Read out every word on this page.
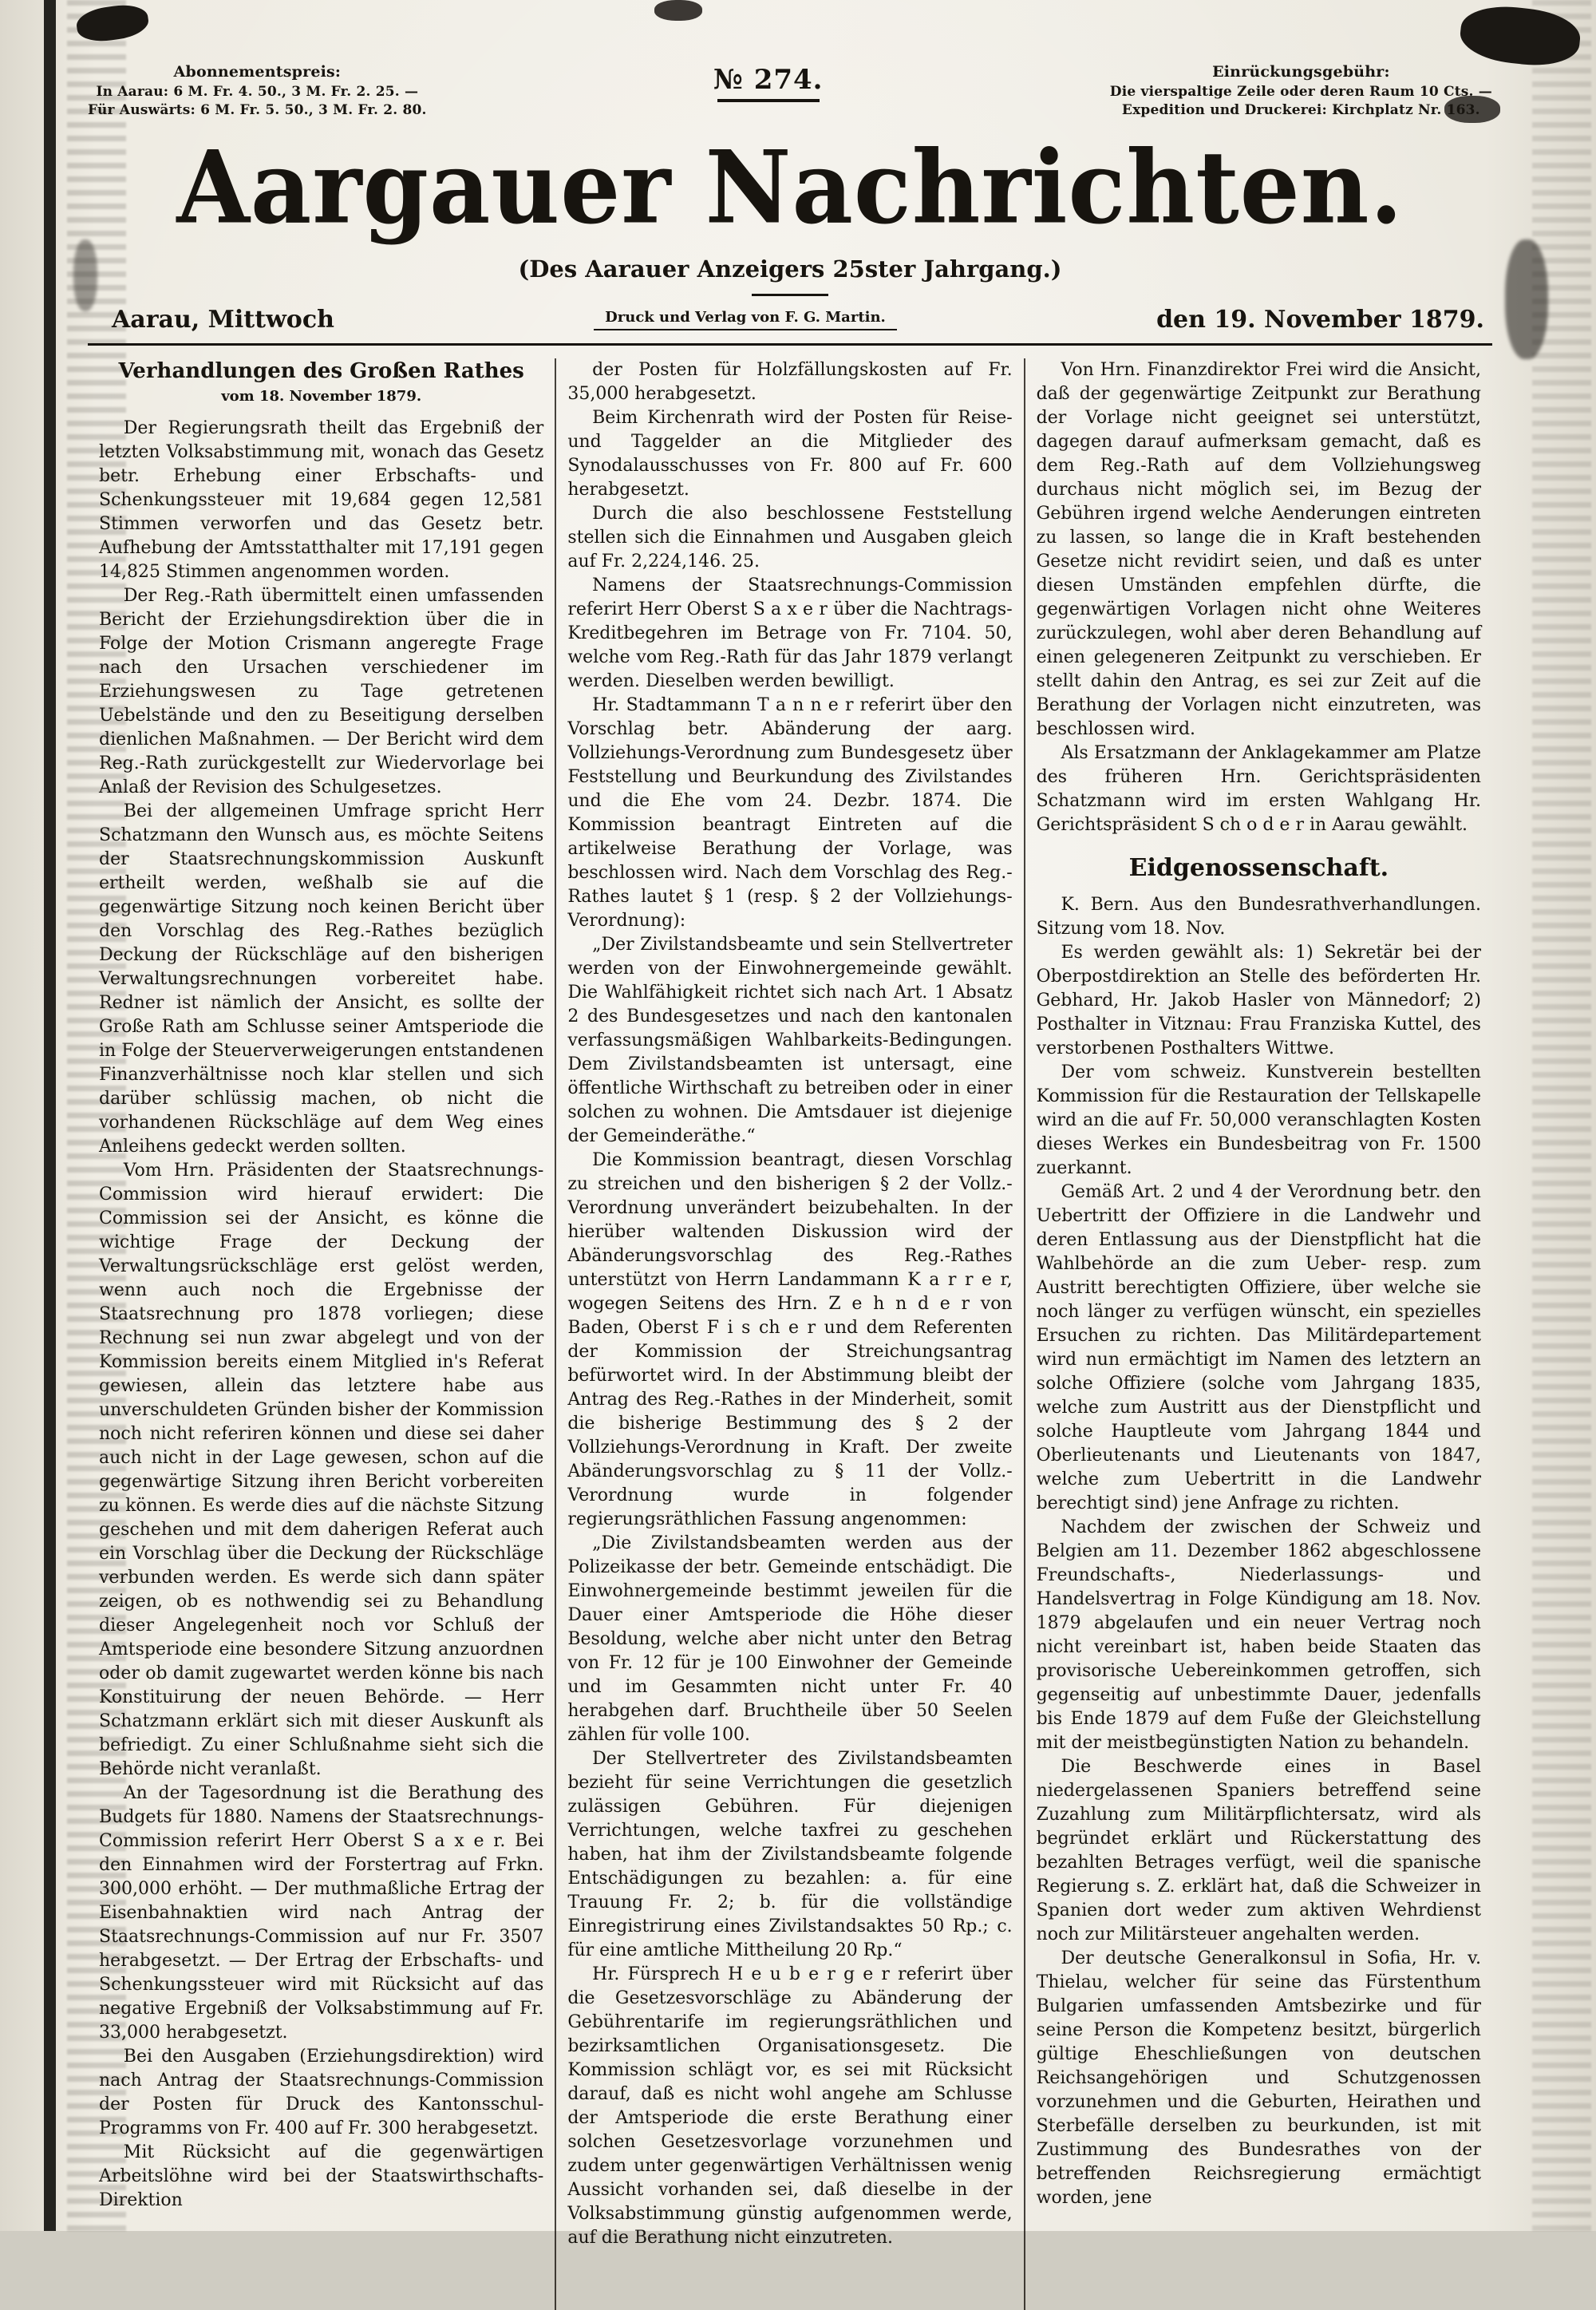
Abonnementspreis:
In Aarau: 6 M. Fr. 4. 50., 3 M. Fr. 2. 25. —
Für Auswärts: 6 M. Fr. 5. 50., 3 M. Fr. 2. 80.
№ 274.	Einrückungsgebühr:
Die vierspaltige Zeile oder deren Raum 10 Cts. —
Expedition und Druckerei: Kirchplatz Nr. 163.
Aargauer Nachrichten.
(Des Aarauer Anzeigers 25ster Jahrgang.)
Aarau, Mittwoch	Druck und Verlag von F. G. Martin.	den 19. November 1879.
Verhandlungen des Großen Rathes
vom 18. November 1879.

Der Regierungsrath theilt das Ergebniß der letzten Volksabstimmung mit, wonach das Gesetz betr. Erhebung einer Erbschafts- und Schenkungssteuer mit 19,684 gegen 12,581 Stimmen verworfen und das Gesetz betr. Aufhebung der Amtsstatthalter mit 17,191 gegen 14,825 Stimmen angenommen worden.

Der Reg.-Rath übermittelt einen umfassenden Bericht der Erziehungsdirektion über die in Folge der Motion Crismann angeregte Frage nach den Ursachen verschiedener im Erziehungswesen zu Tage getretenen Uebelstände und den zu Beseitigung derselben dienlichen Maßnahmen. — Der Bericht wird dem Reg.-Rath zurückgestellt zur Wiedervorlage bei Anlaß der Revision des Schulgesetzes.

Bei der allgemeinen Umfrage spricht Herr Schatzmann den Wunsch aus, es möchte Seitens der Staatsrechnungskommission Auskunft ertheilt werden, weßhalb sie auf die gegenwärtige Sitzung noch keinen Bericht über den Vorschlag des Reg.-Rathes bezüglich Deckung der Rückschläge auf den bisherigen Verwaltungsrechnungen vorbereitet habe. Redner ist nämlich der Ansicht, es sollte der Große Rath am Schlusse seiner Amtsperiode die in Folge der Steuerverweigerungen entstandenen Finanzverhältnisse noch klar stellen und sich darüber schlüssig machen, ob nicht die vorhandenen Rückschläge auf dem Weg eines Anleihens gedeckt werden sollten.

Vom Hrn. Präsidenten der Staatsrechnungs-Commission wird hierauf erwidert: Die Commission sei der Ansicht, es könne die wichtige Frage der Deckung der Verwaltungsrückschläge erst gelöst werden, wenn auch noch die Ergebnisse der Staatsrechnung pro 1878 vorliegen; diese Rechnung sei nun zwar abgelegt und von der Kommission bereits einem Mitglied in's Referat gewiesen, allein das letztere habe aus unverschuldeten Gründen bisher der Kommission noch nicht referiren können und diese sei daher auch nicht in der Lage gewesen, schon auf die gegenwärtige Sitzung ihren Bericht vorbereiten zu können. Es werde dies auf die nächste Sitzung geschehen und mit dem daherigen Referat auch ein Vorschlag über die Deckung der Rückschläge verbunden werden. Es werde sich dann später zeigen, ob es nothwendig sei zu Behandlung dieser Angelegenheit noch vor Schluß der Amtsperiode eine besondere Sitzung anzuordnen oder ob damit zugewartet werden könne bis nach Konstituirung der neuen Behörde. — Herr Schatzmann erklärt sich mit dieser Auskunft als befriedigt. Zu einer Schlußnahme sieht sich die Behörde nicht veranlaßt.

An der Tagesordnung ist die Berathung des Budgets für 1880. Namens der Staatsrechnungs-Commission referirt Herr Oberst S a x e r. Bei den Einnahmen wird der Forstertrag auf Frkn. 300,000 erhöht. — Der muthmaßliche Ertrag der Eisenbahnaktien wird nach Antrag der Staatsrechnungs-Commission auf nur Fr. 3507 herabgesetzt. — Der Ertrag der Erbschafts- und Schenkungssteuer wird mit Rücksicht auf das negative Ergebniß der Volksabstimmung auf Fr. 33,000 herabgesetzt.

Bei den Ausgaben (Erziehungsdirektion) wird nach Antrag der Staatsrechnungs-Commission der Posten für Druck des Kantonsschul-Programms von Fr. 400 auf Fr. 300 herabgesetzt.

Mit Rücksicht auf die gegenwärtigen Arbeitslöhne wird bei der Staatswirthschafts-Direktion

der Posten für Holzfällungskosten auf Fr. 35,000 herabgesetzt.

Beim Kirchenrath wird der Posten für Reise- und Taggelder an die Mitglieder des Synodalausschusses von Fr. 800 auf Fr. 600 herabgesetzt.

Durch die also beschlossene Feststellung stellen sich die Einnahmen und Ausgaben gleich auf Fr. 2,224,146. 25.

Namens der Staatsrechnungs-Commission referirt Herr Oberst S a x e r über die Nachtrags-Kreditbegehren im Betrage von Fr. 7104. 50, welche vom Reg.-Rath für das Jahr 1879 verlangt werden. Dieselben werden bewilligt.

Hr. Stadtammann T a n n e r referirt über den Vorschlag betr. Abänderung der aarg. Vollziehungs-Verordnung zum Bundesgesetz über Feststellung und Beurkundung des Zivilstandes und die Ehe vom 24. Dezbr. 1874. Die Kommission beantragt Eintreten auf die artikelweise Berathung der Vorlage, was beschlossen wird. Nach dem Vorschlag des Reg.-Rathes lautet § 1 (resp. § 2 der Vollziehungs-Verordnung):

„Der Zivilstandsbeamte und sein Stellvertreter werden von der Einwohnergemeinde gewählt. Die Wahlfähigkeit richtet sich nach Art. 1 Absatz 2 des Bundesgesetzes und nach den kantonalen verfassungsmäßigen Wahlbarkeits-Bedingungen. Dem Zivilstandsbeamten ist untersagt, eine öffentliche Wirthschaft zu betreiben oder in einer solchen zu wohnen. Die Amtsdauer ist diejenige der Gemeinderäthe.“

Die Kommission beantragt, diesen Vorschlag zu streichen und den bisherigen § 2 der Vollz.-Verordnung unverändert beizubehalten. In der hierüber waltenden Diskussion wird der Abänderungsvorschlag des Reg.-Rathes unterstützt von Herrn Landammann K a r r e r, wogegen Seitens des Hrn. Z e h n d e r von Baden, Oberst F i s ch e r und dem Referenten der Kommission der Streichungsantrag befürwortet wird. In der Abstimmung bleibt der Antrag des Reg.-Rathes in der Minderheit, somit die bisherige Bestimmung des § 2 der Vollziehungs-Verordnung in Kraft. Der zweite Abänderungsvorschlag zu § 11 der Vollz.-Verordnung wurde in folgender regierungsräthlichen Fassung angenommen:

„Die Zivilstandsbeamten werden aus der Polizeikasse der betr. Gemeinde entschädigt. Die Einwohnergemeinde bestimmt jeweilen für die Dauer einer Amtsperiode die Höhe dieser Besoldung, welche aber nicht unter den Betrag von Fr. 12 für je 100 Einwohner der Gemeinde und im Gesammten nicht unter Fr. 40 herabgehen darf. Bruchtheile über 50 Seelen zählen für volle 100.

Der Stellvertreter des Zivilstandsbeamten bezieht für seine Verrichtungen die gesetzlich zulässigen Gebühren. Für diejenigen Verrichtungen, welche taxfrei zu geschehen haben, hat ihm der Zivilstandsbeamte folgende Entschädigungen zu bezahlen: a. für eine Trauung Fr. 2; b. für die vollständige Einregistrirung eines Zivilstandsaktes 50 Rp.; c. für eine amtliche Mittheilung 20 Rp.“

Hr. Fürsprech H e u b e r g e r referirt über die Gesetzesvorschläge zu Abänderung der Gebührentarife im regierungsräthlichen und bezirksamtlichen Organisationsgesetz. Die Kommission schlägt vor, es sei mit Rücksicht darauf, daß es nicht wohl angehe am Schlusse der Amtsperiode die erste Berathung einer solchen Gesetzesvorlage vorzunehmen und zudem unter gegenwärtigen Verhältnissen wenig Aussicht vorhanden sei, daß dieselbe in der Volksabstimmung günstig aufgenommen werde, auf die Berathung nicht einzutreten.

Von Hrn. Finanzdirektor Frei wird die Ansicht, daß der gegenwärtige Zeitpunkt zur Berathung der Vorlage nicht geeignet sei unterstützt, dagegen darauf aufmerksam gemacht, daß es dem Reg.-Rath auf dem Vollziehungsweg durchaus nicht möglich sei, im Bezug der Gebühren irgend welche Aenderungen eintreten zu lassen, so lange die in Kraft bestehenden Gesetze nicht revidirt seien, und daß es unter diesen Umständen empfehlen dürfte, die gegenwärtigen Vorlagen nicht ohne Weiteres zurückzulegen, wohl aber deren Behandlung auf einen gelegeneren Zeitpunkt zu verschieben. Er stellt dahin den Antrag, es sei zur Zeit auf die Berathung der Vorlagen nicht einzutreten, was beschlossen wird.

Als Ersatzmann der Anklagekammer am Platze des früheren Hrn. Gerichtspräsidenten Schatzmann wird im ersten Wahlgang Hr. Gerichtspräsident S ch o d e r in Aarau gewählt.

Eidgenossenschaft.

K. Bern. Aus den Bundesrathverhandlungen. Sitzung vom 18. Nov.

Es werden gewählt als: 1) Sekretär bei der Oberpostdirektion an Stelle des beförderten Hr. Gebhard, Hr. Jakob Hasler von Männedorf; 2) Posthalter in Vitznau: Frau Franziska Kuttel, des verstorbenen Posthalters Wittwe.

Der vom schweiz. Kunstverein bestellten Kommission für die Restauration der Tellskapelle wird an die auf Fr. 50,000 veranschlagten Kosten dieses Werkes ein Bundesbeitrag von Fr. 1500 zuerkannt.

Gemäß Art. 2 und 4 der Verordnung betr. den Uebertritt der Offiziere in die Landwehr und deren Entlassung aus der Dienstpflicht hat die Wahlbehörde an die zum Ueber- resp. zum Austritt berechtigten Offiziere, über welche sie noch länger zu verfügen wünscht, ein spezielles Ersuchen zu richten. Das Militärdepartement wird nun ermächtigt im Namen des letztern an solche Offiziere (solche vom Jahrgang 1835, welche zum Austritt aus der Dienstpflicht und solche Hauptleute vom Jahrgang 1844 und Oberlieutenants und Lieutenants von 1847, welche zum Uebertritt in die Landwehr berechtigt sind) jene Anfrage zu richten.

Nachdem der zwischen der Schweiz und Belgien am 11. Dezember 1862 abgeschlossene Freundschafts-, Niederlassungs- und Handelsvertrag in Folge Kündigung am 18. Nov. 1879 abgelaufen und ein neuer Vertrag noch nicht vereinbart ist, haben beide Staaten das provisorische Uebereinkommen getroffen, sich gegenseitig auf unbestimmte Dauer, jedenfalls bis Ende 1879 auf dem Fuße der Gleichstellung mit der meistbegünstigten Nation zu behandeln.

Die Beschwerde eines in Basel niedergelassenen Spaniers betreffend seine Zuzahlung zum Militärpflichtersatz, wird als begründet erklärt und Rückerstattung des bezahlten Betrages verfügt, weil die spanische Regierung s. Z. erklärt hat, daß die Schweizer in Spanien dort weder zum aktiven Wehrdienst noch zur Militärsteuer angehalten werden.

Der deutsche Generalkonsul in Sofia, Hr. v. Thielau, welcher für seine das Fürstenthum Bulgarien umfassenden Amtsbezirke und für seine Person die Kompetenz besitzt, bürgerlich gültige Eheschließungen von deutschen Reichsangehörigen und Schutzgenossen vorzunehmen und die Geburten, Heirathen und Sterbefälle derselben zu beurkunden, ist mit Zustimmung des Bundesrathes von der betreffenden Reichsregierung ermächtigt worden, jene
